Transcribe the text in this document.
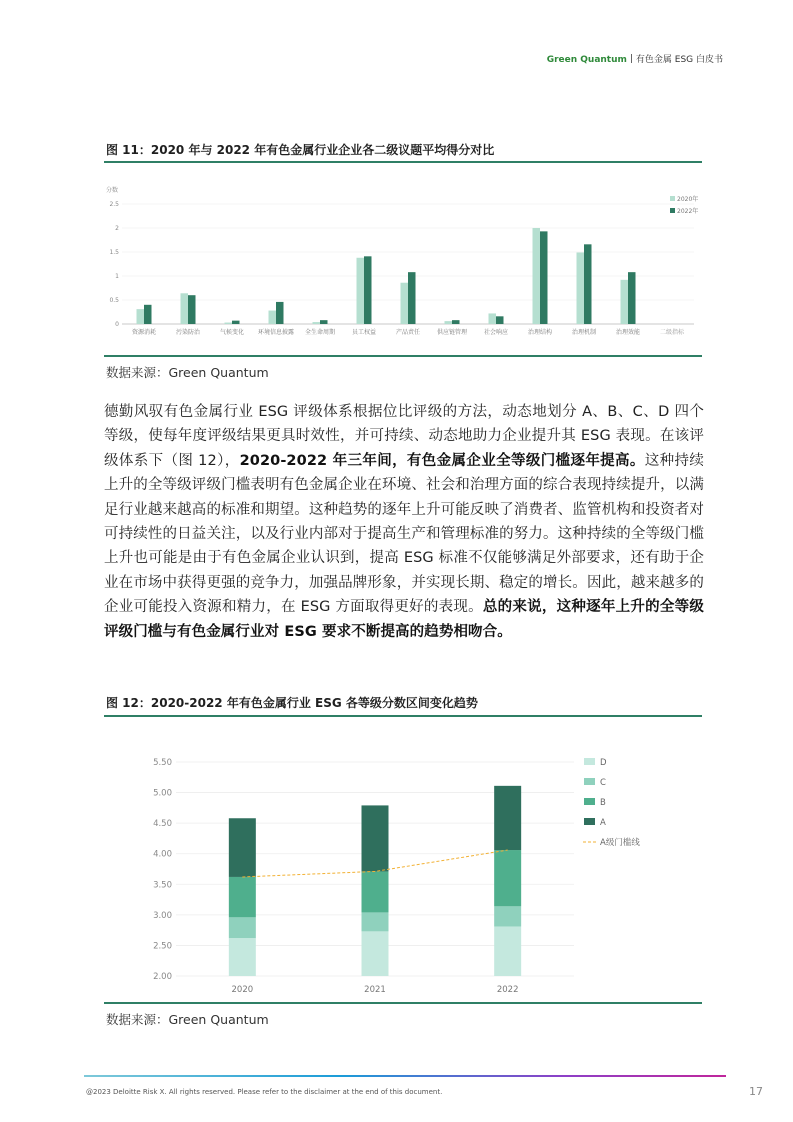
Green Quantum 有色金属 ESG 白皮书
图 11：2020 年与 2022 年有色金属行业企业各二级议题平均得分对比
分数
0
0.5
1
1.5
2
2.5
资源消耗	污染防治	气候变化 环境信息披露 全生命周期	员工权益	产品责任	供应链管理	社会响应	治理结构	治理机制	治理效能	二级指标
2020年
2022年
数据来源：Green Quantum
德勤风驭有色金属行业 ESG 评级体系根据位比评级的方法，动态地划分 A、B、C、D 四个等级，使每年度评级结果更具时效性，并可持续、动态地助力企业提升其 ESG 表现。在该评级体系下（图 12），2020-2022 年三年间，有色金属企业全等级门槛逐年提高。这种持续上升的全等级评级门槛表明有色金属企业在环境、社会和治理方面的综合表现持续提升，以满足行业越来越高的标准和期望。这种趋势的逐年上升可能反映了消费者、监管机构和投资者对可持续性的日益关注，以及行业内部对于提高生产和管理标准的努力。这种持续的全等级门槛上升也可能是由于有色金属企业认识到，提高 ESG 标准不仅能够满足外部要求，还有助于企业在市场中获得更强的竞争力，加强品牌形象，并实现长期、稳定的增长。因此，越来越多的企业可能投入资源和精力，在 ESG 方面取得更好的表现。总的来说，这种逐年上升的全等级评级门槛与有色金属行业对 ESG 要求不断提高的趋势相吻合。
图 12：2020-2022 年有色金属行业 ESG 各等级分数区间变化趋势
2.00
2.50
3.00
3.50
4.00
4.50
5.00
5.50
2020	2021	2022
D
C
B
A
A级门槛线
数据来源：Green Quantum
@2023 Deloitte Risk X. All rights reserved. Please refer to the disclaimer at the end of this document.	17
